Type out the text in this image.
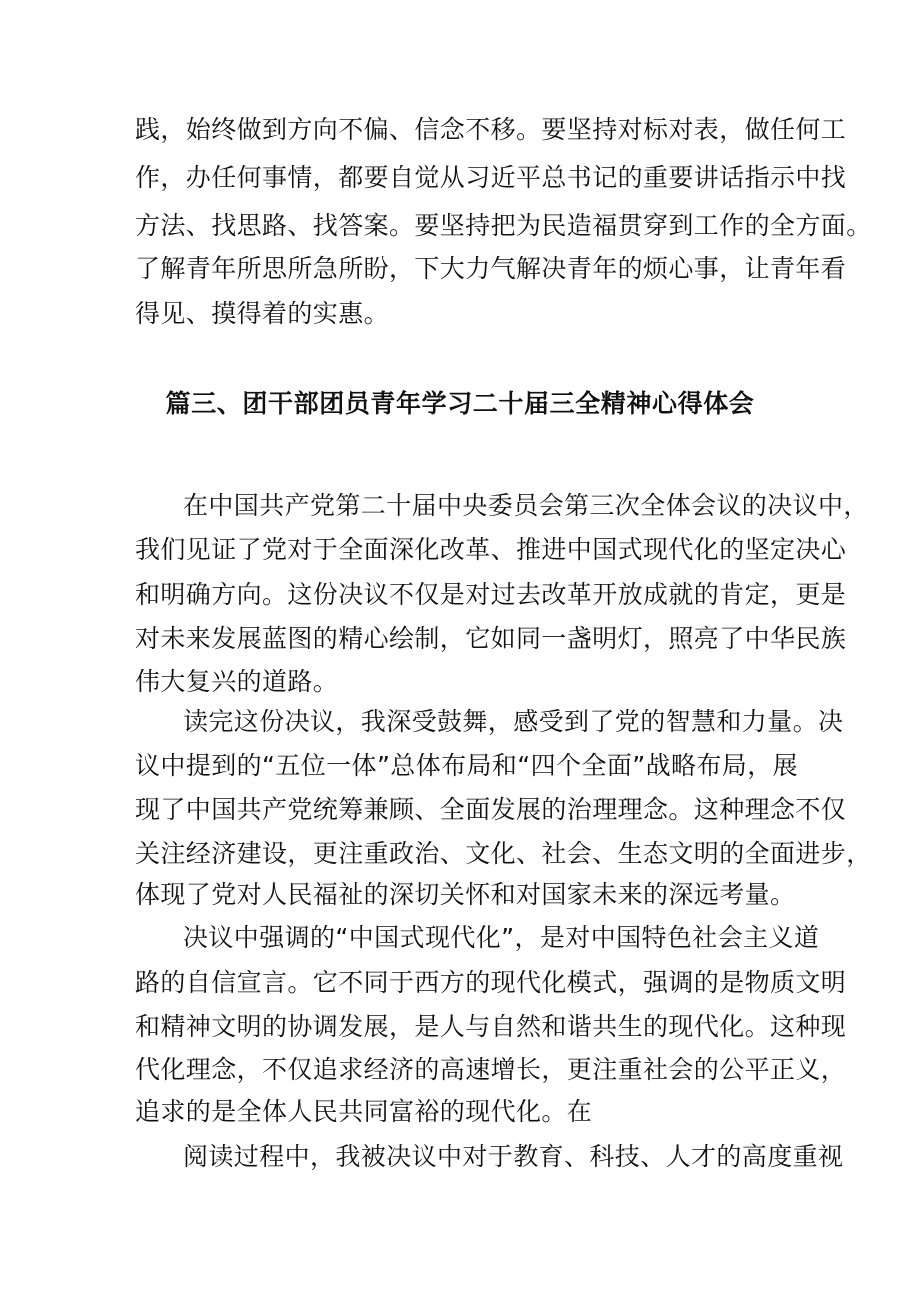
践，始终做到方向不偏、信念不移。要坚持对标对表，做任何工
作，办任何事情，都要自觉从习近平总书记的重要讲话指示中找
方法、找思路、找答案。要坚持把为民造福贯穿到工作的全方面。
了解青年所思所急所盼，下大力气解决青年的烦心事，让青年看
得见、摸得着的实惠。
篇三、团干部团员青年学习二十届三全精神心得体会
在中国共产党第二十届中央委员会第三次全体会议的决议中，
我们见证了党对于全面深化改革、推进中国式现代化的坚定决心
和明确方向。这份决议不仅是对过去改革开放成就的肯定，更是
对未来发展蓝图的精心绘制，它如同一盏明灯，照亮了中华民族
伟大复兴的道路。
读完这份决议，我深受鼓舞，感受到了党的智慧和力量。决
议中提到的“五位一体”总体布局和“四个全面”战略布局，展
现了中国共产党统筹兼顾、全面发展的治理理念。这种理念不仅
关注经济建设，更注重政治、文化、社会、生态文明的全面进步，
体现了党对人民福祉的深切关怀和对国家未来的深远考量。
决议中强调的“中国式现代化”，是对中国特色社会主义道
路的自信宣言。它不同于西方的现代化模式，强调的是物质文明
和精神文明的协调发展，是人与自然和谐共生的现代化。这种现
代化理念，不仅追求经济的高速增长，更注重社会的公平正义，
追求的是全体人民共同富裕的现代化。在
阅读过程中，我被决议中对于教育、科技、人才的高度重视
